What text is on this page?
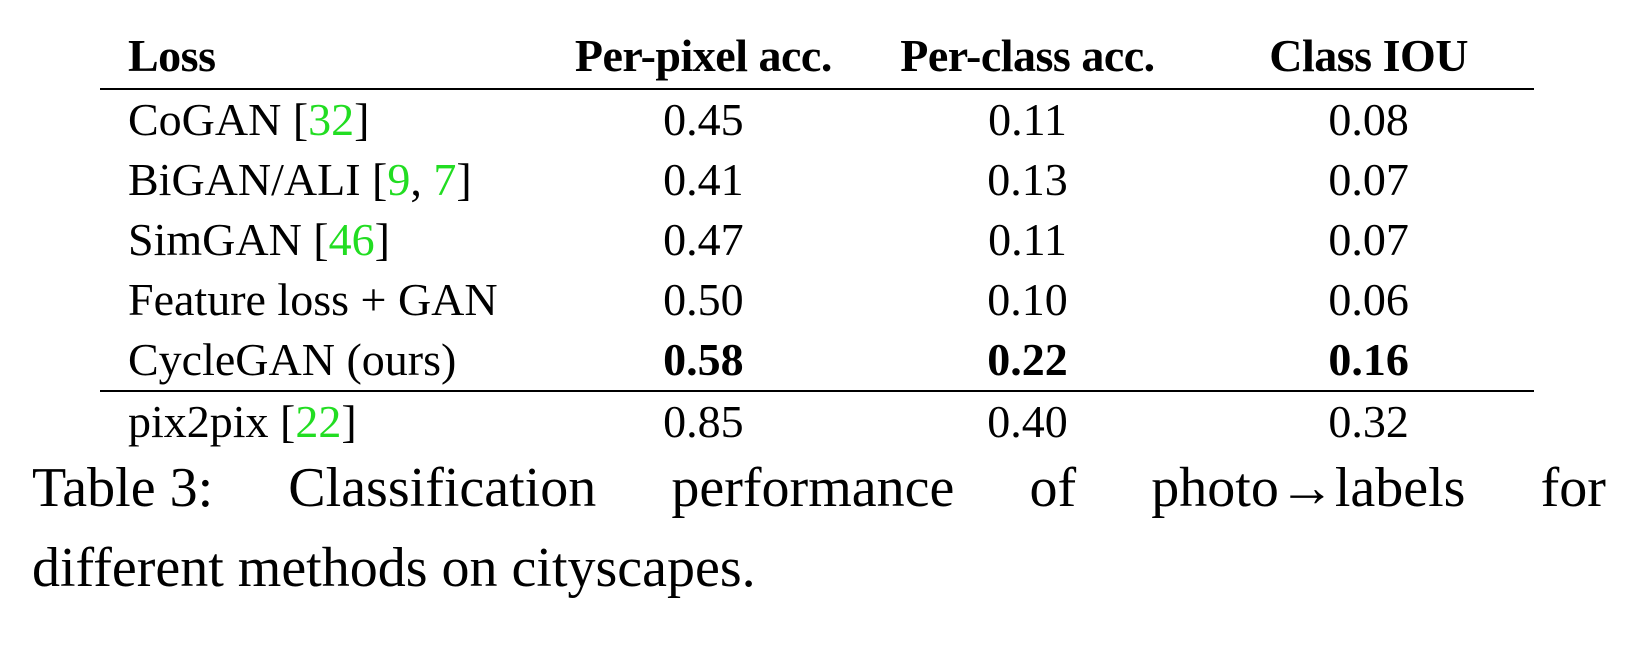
Loss	Per-pixel acc.	Per-class acc.	Class IOU
CoGAN [32]	0.45	0.11	0.08
BiGAN/ALI [9, 7]	0.41	0.13	0.07
SimGAN [46]	0.47	0.11	0.07
Feature loss + GAN	0.50	0.10	0.06
CycleGAN (ours)	0.58	0.22	0.16
pix2pix [22]	0.85	0.40	0.32
Table 3: Classification performance of photo→labels for
different methods on cityscapes.
